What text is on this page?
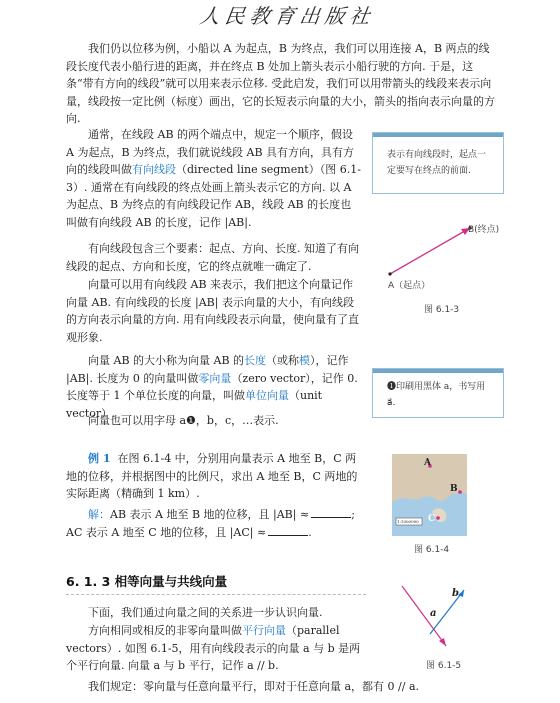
人民教育出版社
我们仍以位移为例，小船以 A 为起点，B 为终点，我们可以用连接 A，B 两点的线段长度代表小船行进的距离，并在终点 B 处加上箭头表示小船行驶的方向. 于是，这条“带有方向的线段”就可以用来表示位移. 受此启发，我们可以用带箭头的线段来表示向量，线段按一定比例（标度）画出，它的长短表示向量的大小，箭头的指向表示向量的方向.
通常，在线段 AB 的两个端点中，规定一个顺序，假设 A 为起点，B 为终点，我们就说线段 AB 具有方向，具有方向的线段叫做有向线段（directed line segment）（图 6.1-3）. 通常在有向线段的终点处画上箭头表示它的方向. 以 A 为起点、B 为终点的有向线段记作 AB，线段 AB 的长度也叫做有向线段 AB 的长度，记作 |AB|.
表示有向线段时，起点一定要写在终点的前面.
B(终点)
A（起点）
图 6.1-3
有向线段包含三个要素：起点、方向、长度. 知道了有向线段的起点、方向和长度，它的终点就唯一确定了.
向量可以用有向线段 AB 来表示，我们把这个向量记作向量 AB. 有向线段的长度 |AB| 表示向量的大小，有向线段的方向表示向量的方向. 用有向线段表示向量，使向量有了直观形象.
向量 AB 的大小称为向量 AB 的长度（或称模），记作 |AB|. 长度为 0 的向量叫做零向量（zero vector），记作 0. 长度等于 1 个单位长度的向量，叫做单位向量（unit vector）.
❶印刷用黑体 a，书写用 a⃗.
向量也可以用字母 a❶，b，c，…表示.
例 1 在图 6.1-4 中，分别用向量表示 A 地至 B，C 两地的位移，并根据图中的比例尺，求出 A 地至 B，C 两地的实际距离（精确到 1 km）.
解：AB 表示 A 地至 B 地的位移，且 |AB| ≈	;
AC 表示 A 地至 C 地的位移，且 |AC| ≈	.
A
B
C
1:1000000
图 6.1-4
6. 1. 3 相等向量与共线向量
下面，我们通过向量之间的关系进一步认识向量.
方向相同或相反的非零向量叫做平行向量（parallel vectors）. 如图 6.1-5，用有向线段表示的向量 a 与 b 是两个平行向量. 向量 a 与 b 平行，记作 a // b.
a
b
图 6.1-5
我们规定：零向量与任意向量平行，即对于任意向量 a，都有 0 // a.
